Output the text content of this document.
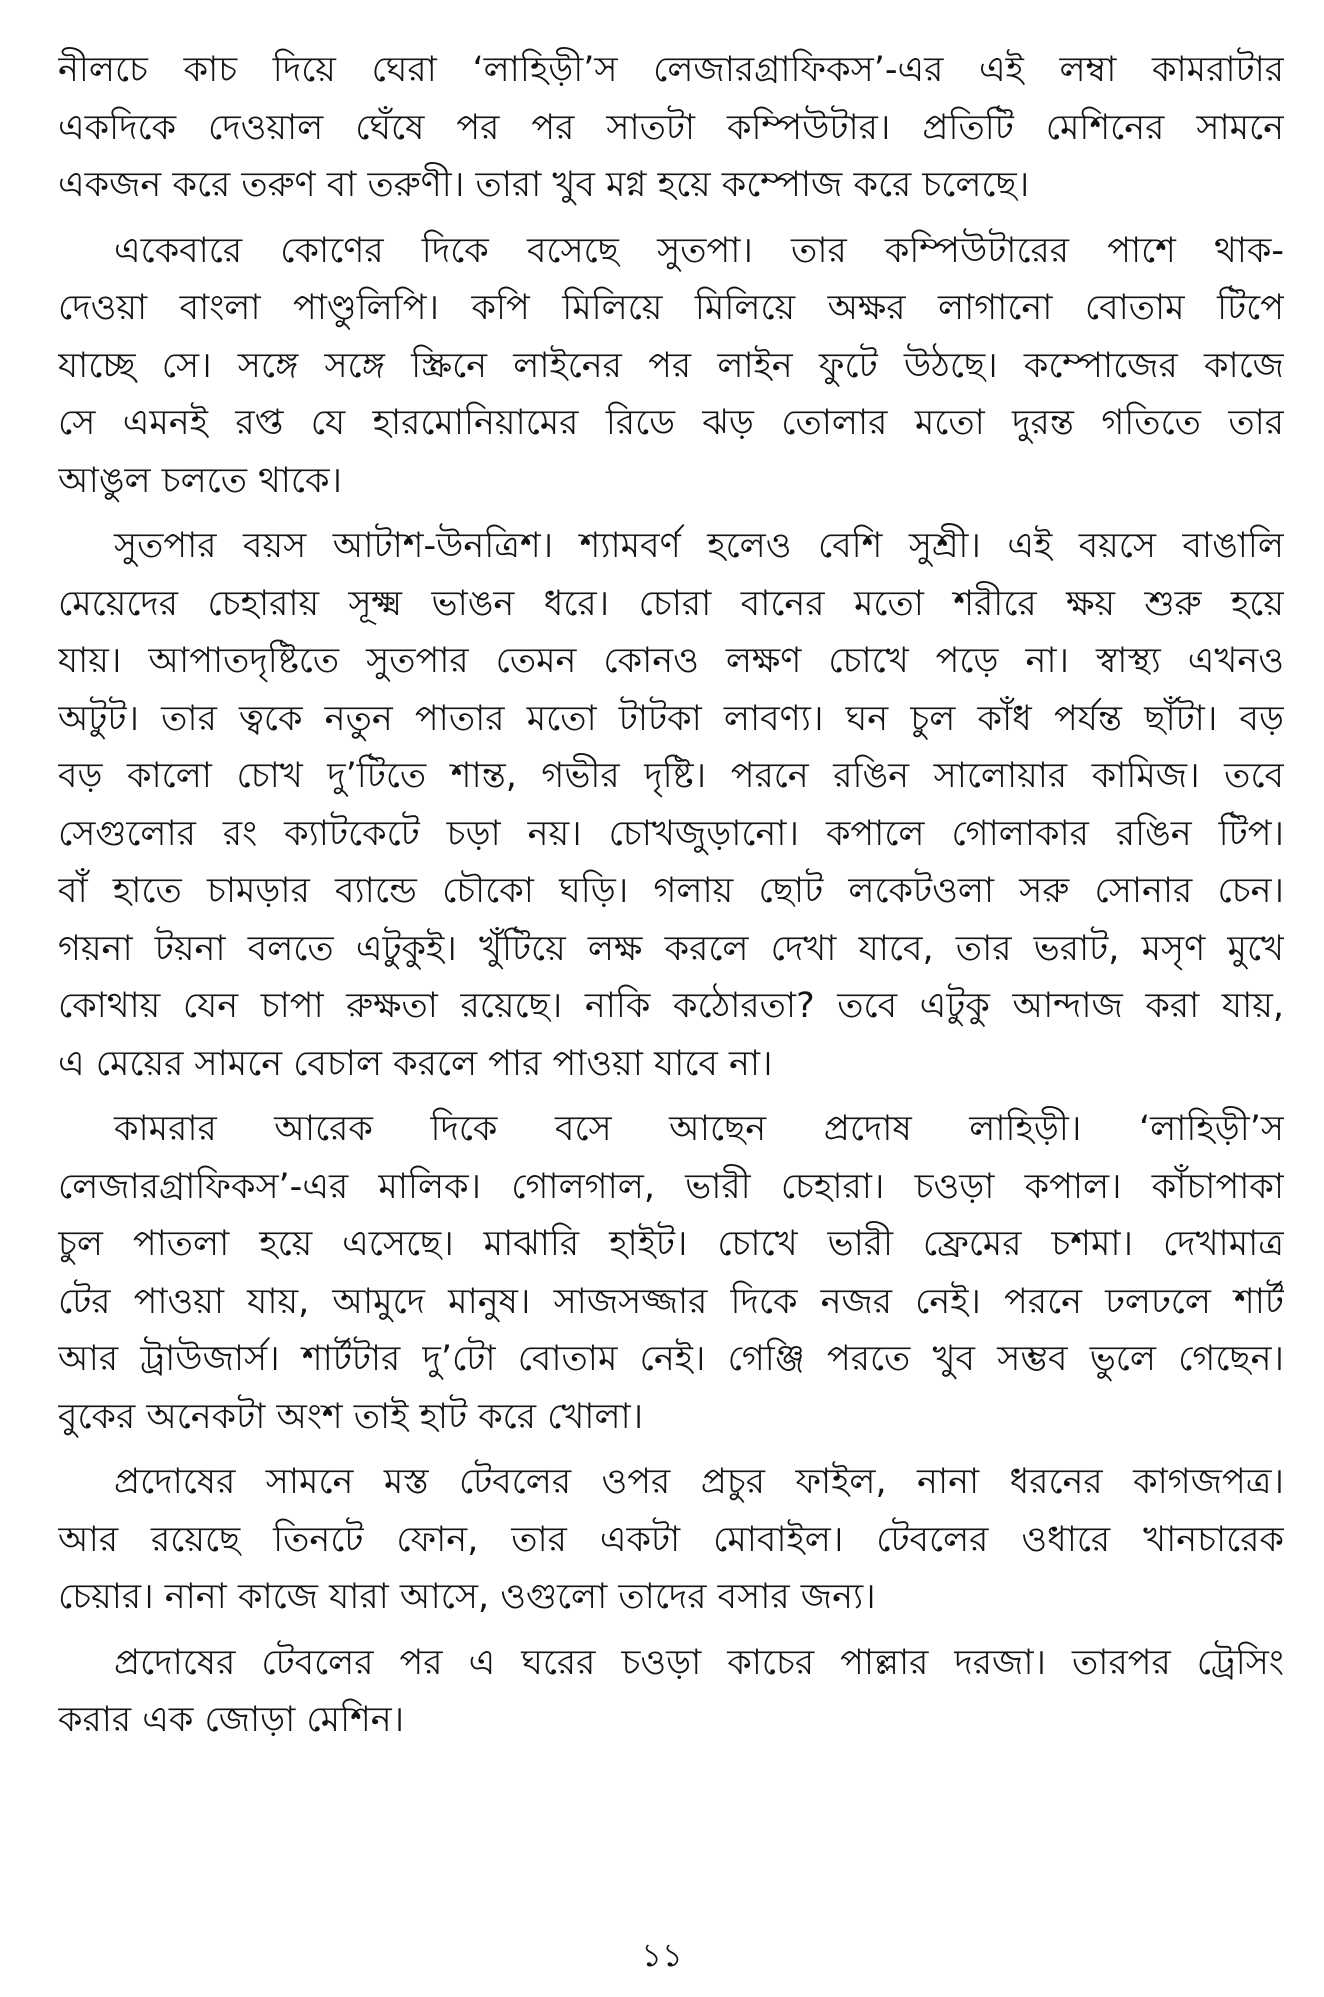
নীলচে কাচ দিয়ে ঘেরা ‘লাহিড়ী’স লেজারগ্রাফিকস’-এর এই লম্বা কামরাটার
একদিকে দেওয়াল ঘেঁষে পর পর সাতটা কম্পিউটার। প্রতিটি মেশিনের সামনে
একজন করে তরুণ বা তরুণী। তারা খুব মগ্ন হয়ে কম্পোজ করে চলেছে।
একেবারে কোণের দিকে বসেছে সুতপা। তার কম্পিউটারের পাশে থাক-
দেওয়া বাংলা পাণ্ডুলিপি। কপি মিলিয়ে মিলিয়ে অক্ষর লাগানো বোতাম টিপে
যাচ্ছে সে। সঙ্গে সঙ্গে স্ক্রিনে লাইনের পর লাইন ফুটে উঠছে। কম্পোজের কাজে
সে এমনই রপ্ত যে হারমোনিয়ামের রিডে ঝড় তোলার মতো দুরন্ত গতিতে তার
আঙুল চলতে থাকে।
সুতপার বয়স আটাশ-উনত্রিশ। শ্যামবর্ণ হলেও বেশি সুশ্রী। এই বয়সে বাঙালি
মেয়েদের চেহারায় সূক্ষ্ম ভাঙন ধরে। চোরা বানের মতো শরীরে ক্ষয় শুরু হয়ে
যায়। আপাতদৃষ্টিতে সুতপার তেমন কোনও লক্ষণ চোখে পড়ে না। স্বাস্থ্য এখনও
অটুট। তার ত্বকে নতুন পাতার মতো টাটকা লাবণ্য। ঘন চুল কাঁধ পর্যন্ত ছাঁটা। বড়
বড় কালো চোখ দু’টিতে শান্ত, গভীর দৃষ্টি। পরনে রঙিন সালোয়ার কামিজ। তবে
সেগুলোর রং ক্যাটকেটে চড়া নয়। চোখজুড়ানো। কপালে গোলাকার রঙিন টিপ।
বাঁ হাতে চামড়ার ব্যান্ডে চৌকো ঘড়ি। গলায় ছোট লকেটওলা সরু সোনার চেন।
গয়না টয়না বলতে এটুকুই। খুঁটিয়ে লক্ষ করলে দেখা যাবে, তার ভরাট, মসৃণ মুখে
কোথায় যেন চাপা রুক্ষতা রয়েছে। নাকি কঠোরতা? তবে এটুকু আন্দাজ করা যায়,
এ মেয়ের সামনে বেচাল করলে পার পাওয়া যাবে না।
কামরার আরেক দিকে বসে আছেন প্রদোষ লাহিড়ী। ‘লাহিড়ী’স
লেজারগ্রাফিকস’-এর মালিক। গোলগাল, ভারী চেহারা। চওড়া কপাল। কাঁচাপাকা
চুল পাতলা হয়ে এসেছে। মাঝারি হাইট। চোখে ভারী ফ্রেমের চশমা। দেখামাত্র
টের পাওয়া যায়, আমুদে মানুষ। সাজসজ্জার দিকে নজর নেই। পরনে ঢলঢলে শার্ট
আর ট্রাউজার্স। শার্টটার দু’টো বোতাম নেই। গেঞ্জি পরতে খুব সম্ভব ভুলে গেছেন।
বুকের অনেকটা অংশ তাই হাট করে খোলা।
প্রদোষের সামনে মস্ত টেবলের ওপর প্রচুর ফাইল, নানা ধরনের কাগজপত্র।
আর রয়েছে তিনটে ফোন, তার একটা মোবাইল। টেবলের ওধারে খানচারেক
চেয়ার। নানা কাজে যারা আসে, ওগুলো তাদের বসার জন্য।
প্রদোষের টেবলের পর এ ঘরের চওড়া কাচের পাল্লার দরজা। তারপর ট্রেসিং
করার এক জোড়া মেশিন।
১১
